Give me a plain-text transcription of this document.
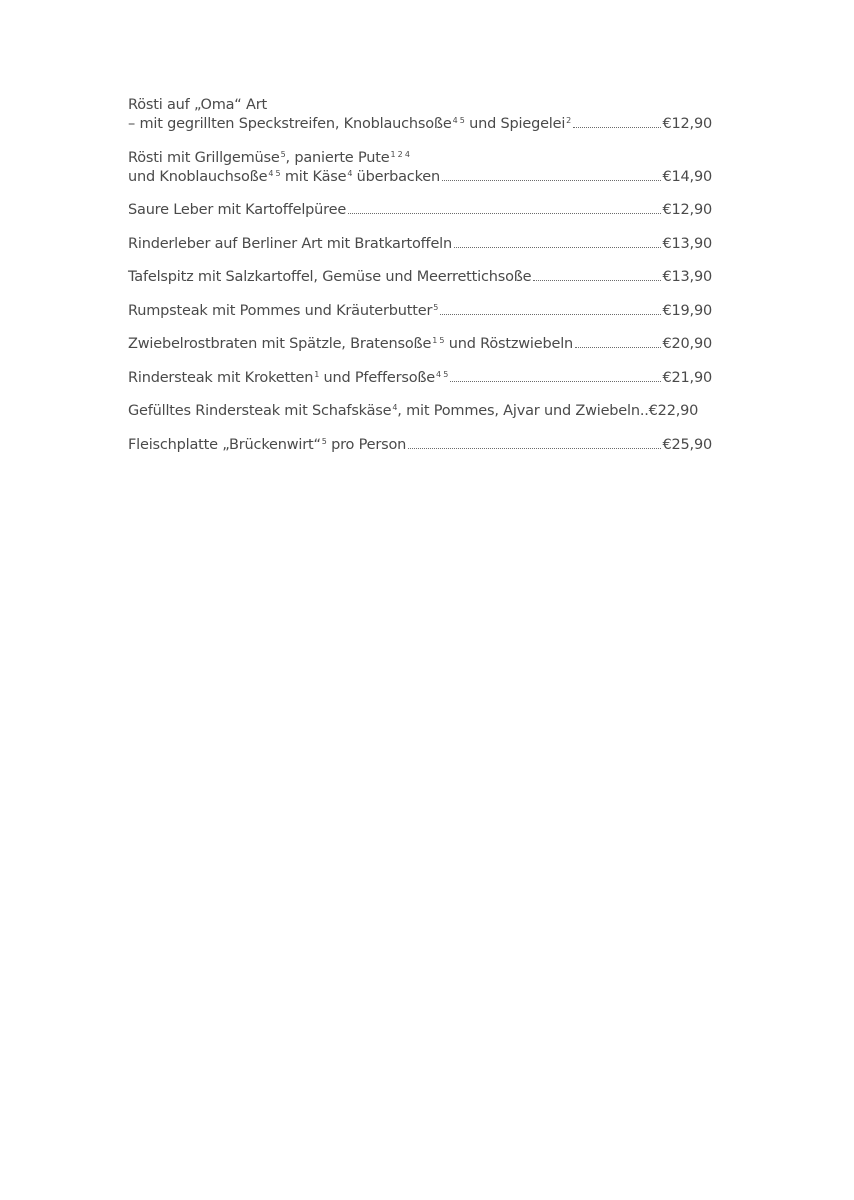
Rösti auf „Oma“ Art
– mit gegrillten Speckstreifen, Knoblauchsoße$^{4 5}$ und Spiegelei$^2$	€12,90
Rösti mit Grillgemüse$^5$, panierte Pute$^{1 2 4}$
und Knoblauchsoße$^{4 5}$ mit Käse$^4$ überbacken	€14,90
Saure Leber mit Kartoffelpüree	€12,90
Rinderleber auf Berliner Art mit Bratkartoffeln	€13,90
Tafelspitz mit Salzkartoffel, Gemüse und Meerrettichsoße	€13,90
Rumpsteak mit Pommes und Kräuterbutter$^5$	€19,90
Zwiebelrostbraten mit Spätzle, Bratensoße$^{1 5}$ und Röstzwiebeln	€20,90
Rindersteak mit Kroketten$^1$ und Pfeffersoße$^{4 5}$	€21,90
Gefülltes Rindersteak mit Schafskäse$^4$, mit Pommes, Ajvar und Zwiebeln.. €22,90
Fleischplatte „Brückenwirt“$^5$ pro Person	€25,90
